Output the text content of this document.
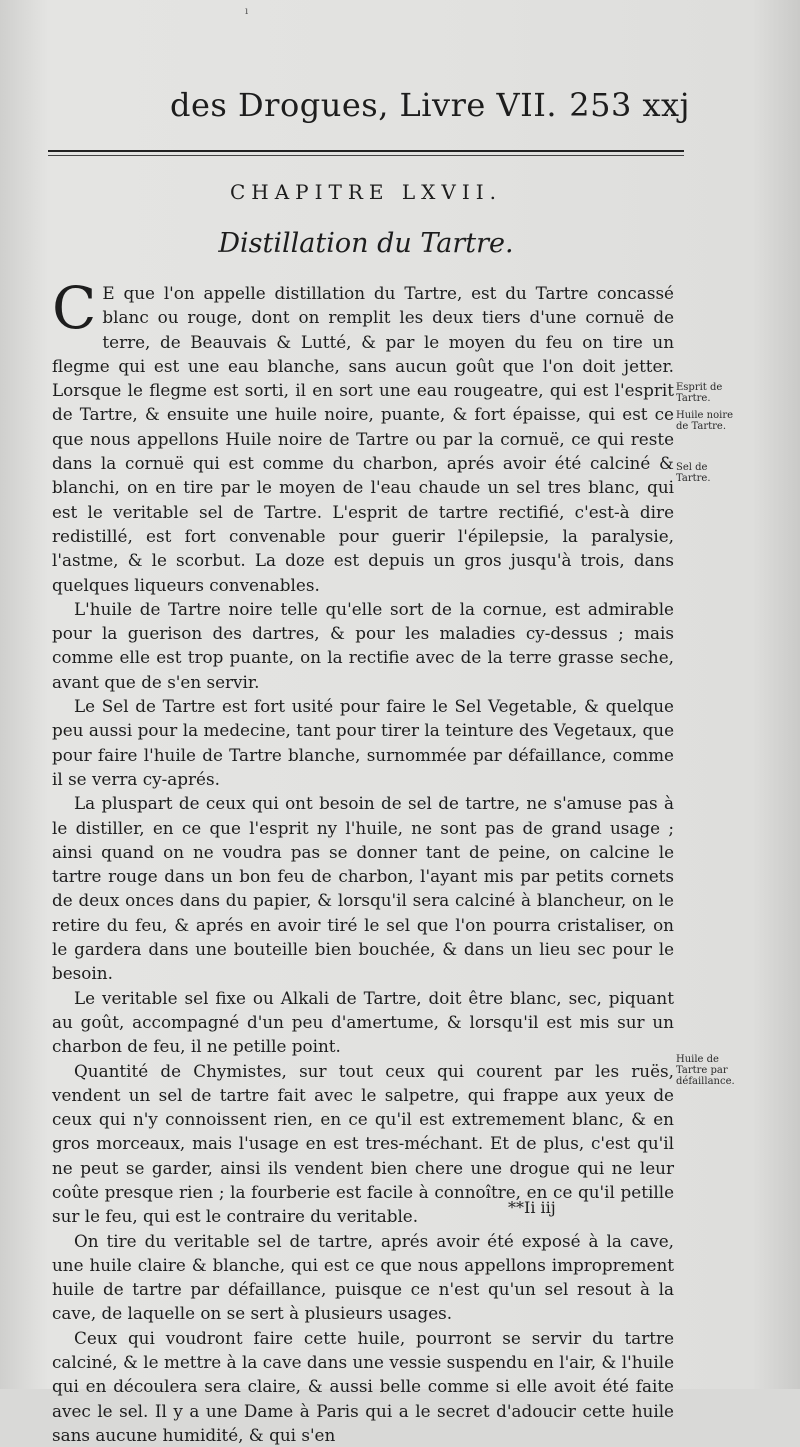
ı
des Drogues, Livre VII. 253 xxj
CHAPITRE LXVII.
Distillation du Tartre.

C E que l'on appelle distillation du Tartre, est du Tartre concassé blanc ou rouge, dont on remplit les deux tiers d'une cornuë de terre, de Beauvais & Lutté, & par le moyen du feu on tire un flegme qui est une eau blanche, sans aucun goût que l'on doit jetter. Lorsque le flegme est sorti, il en sort une eau rougeatre, qui est l'esprit de Tartre, & ensuite une huile noire, puante, & fort épaisse, qui est ce que nous appellons Huile noire de Tartre ou par la cornuë, ce qui reste dans la cornuë qui est comme du charbon, aprés avoir été calciné & blanchi, on en tire par le moyen de l'eau chaude un sel tres blanc, qui est le veritable sel de Tartre. L'esprit de tartre rectifié, c'est-à dire redistillé, est fort convenable pour guerir l'épilepsie, la paralysie, l'astme, & le scorbut. La doze est depuis un gros jusqu'à trois, dans quelques liqueurs convenables.

L'huile de Tartre noire telle qu'elle sort de la cornue, est admirable pour la guerison des dartres, & pour les maladies cy-dessus ; mais comme elle est trop puante, on la rectifie avec de la terre grasse seche, avant que de s'en servir.

Le Sel de Tartre est fort usité pour faire le Sel Vegetable, & quelque peu aussi pour la medecine, tant pour tirer la teinture des Vegetaux, que pour faire l'huile de Tartre blanche, surnommée par défaillance, comme il se verra cy-aprés.

La pluspart de ceux qui ont besoin de sel de tartre, ne s'amuse pas à le distiller, en ce que l'esprit ny l'huile, ne sont pas de grand usage ; ainsi quand on ne voudra pas se donner tant de peine, on calcine le tartre rouge dans un bon feu de charbon, l'ayant mis par petits cornets de deux onces dans du papier, & lorsqu'il sera calciné à blancheur, on le retire du feu, & aprés en avoir tiré le sel que l'on pourra cristaliser, on le gardera dans une bouteille bien bouchée, & dans un lieu sec pour le besoin.

Le veritable sel fixe ou Alkali de Tartre, doit être blanc, sec, piquant au goût, accompagné d'un peu d'amertume, & lorsqu'il est mis sur un charbon de feu, il ne petille point.

Quantité de Chymistes, sur tout ceux qui courent par les ruës, vendent un sel de tartre fait avec le salpetre, qui frappe aux yeux de ceux qui n'y connoissent rien, en ce qu'il est extremement blanc, & en gros morceaux, mais l'usage en est tres-méchant. Et de plus, c'est qu'il ne peut se garder, ainsi ils vendent bien chere une drogue qui ne leur coûte presque rien ; la fourberie est facile à connoître, en ce qu'il petille sur le feu, qui est le contraire du veritable.

On tire du veritable sel de tartre, aprés avoir été exposé à la cave, une huile claire & blanche, qui est ce que nous appellons improprement huile de tartre par défaillance, puisque ce n'est qu'un sel resout à la cave, de laquelle on se sert à plusieurs usages.

Ceux qui voudront faire cette huile, pourront se servir du tartre calciné, & le mettre à la cave dans une vessie suspendu en l'air, & l'huile qui en découlera sera claire, & aussi belle comme si elle avoit été faite avec le sel. Il y a une Dame à Paris qui a le secret d'adoucir cette huile sans aucune humidité, & qui s'en

Esprit de Tartre.
Huile noire de Tartre.
Sel de Tartre.
Huile de Tartre par défaillance.
**Ii iij
